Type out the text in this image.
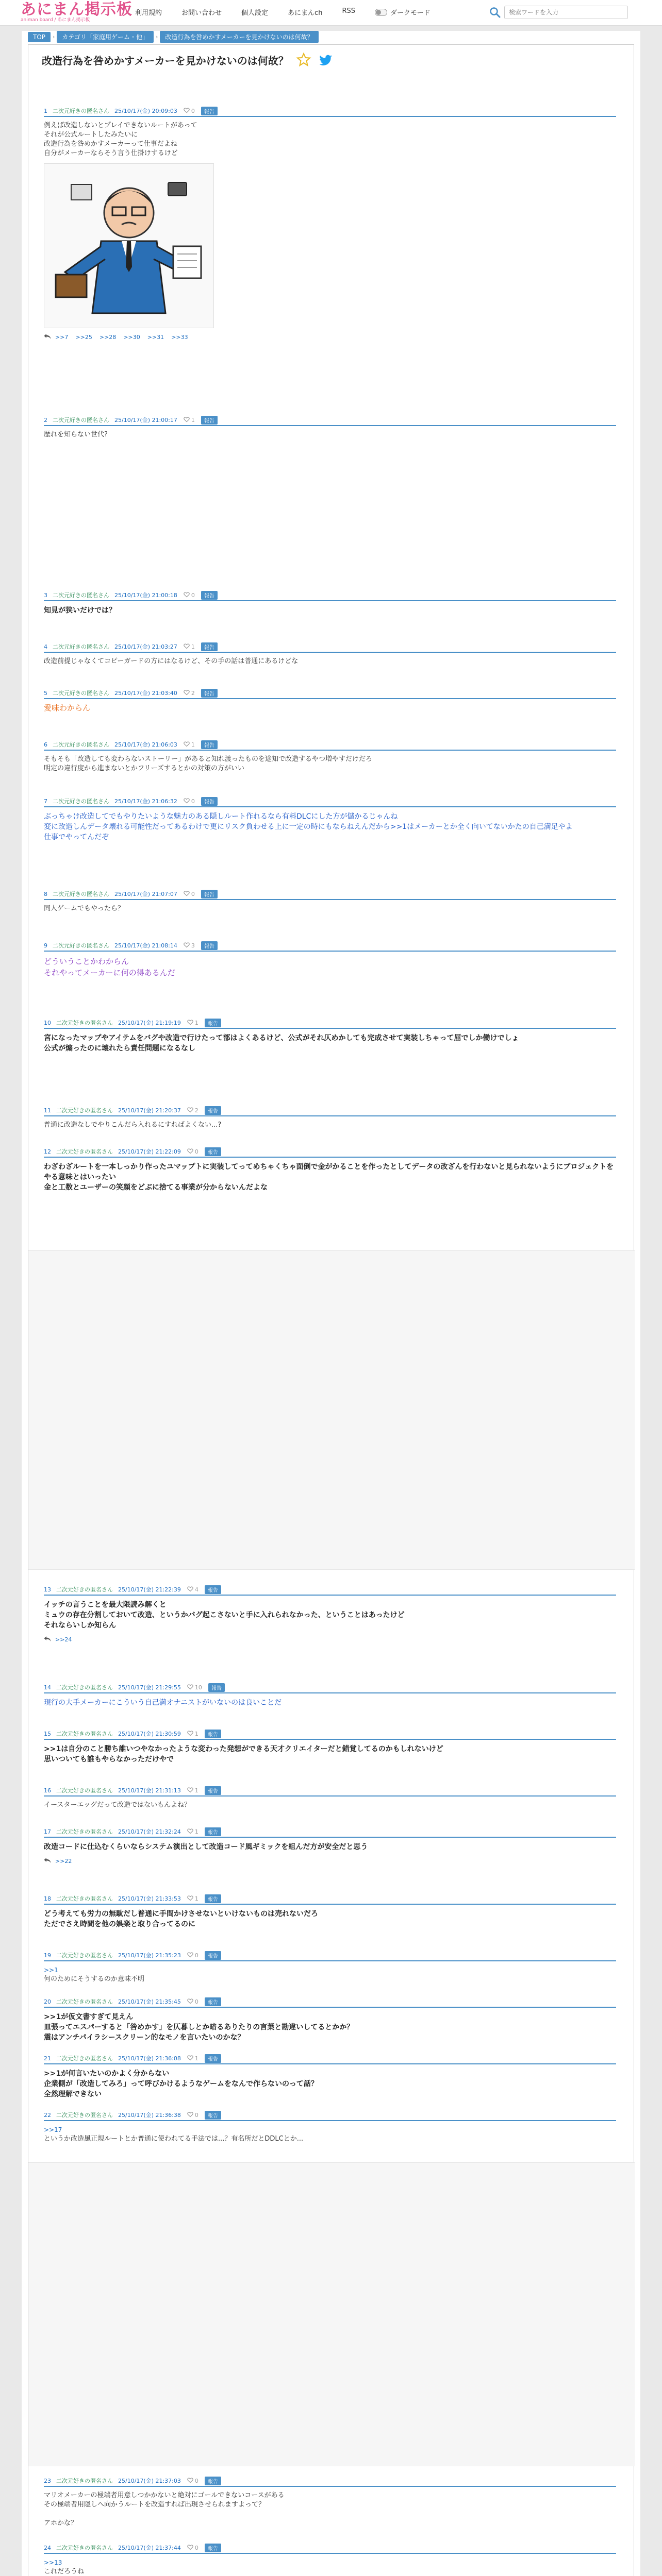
あにまん掲示板
animan board / あにまん掲示板
利用規約	お問い合わせ	個人設定	あにまんch	RSS	ダークモード
検索ワードを入力
TOP	›	カテゴリ「家庭用ゲーム・他」	›	改造行為を咎めかすメーカーを見かけないのは何故？
改造行為を咎めかすメーカーを見かけないのは何故？
1 二次元好きの匿名さん 25/10/17(金) 20:09:03 0	報告
例えば改造しないとプレイできないルートがあって
それが公式ルートしたみたいに
改造行為を咎めかすメーカーって仕事だよね
自分がメーカーならそう言う仕掛けするけど
>>7 >>25 >>28 >>30 >>31 >>33
2 二次元好きの匿名さん 25/10/17(金) 21:00:17 1	報告
歴れを知らない世代?
3 二次元好きの匿名さん 25/10/17(金) 21:00:18 0	報告
知見が狭いだけでは？
4 二次元好きの匿名さん 25/10/17(金) 21:03:27 1	報告
改造前提じゃなくてコピーガードの方にはなるけど、その手の話は普通にあるけどな
5 二次元好きの匿名さん 25/10/17(金) 21:03:40 2	報告
愛味わからん
6 二次元好きの匿名さん 25/10/17(金) 21:06:03 1	報告
そもそも「改造しても変わらないストーリー」があると知れ渡ったものを途知で改造するやつ増やすだけだろ
明定の違行度から進まないとかフリーズするとかの対策の方がいい
7 二次元好きの匿名さん 25/10/17(金) 21:06:32 0	報告
ぶっちゃけ改造してでもやりたいような魅力のある隠しルート作れるなら有料DLCにした方が儲かるじゃんね
変に改造しんデータ壊れる可能性だってあるわけで更にリスク負わせる上に一定の時にもならねえんだから>>1はメーカーとか全く向いてないかたの自己満足やよ
仕事でやってんだぞ
8 二次元好きの匿名さん 25/10/17(金) 21:07:07 0	報告
同人ゲームでもやったら？
9 二次元好きの匿名さん 25/10/17(金) 21:08:14 3	報告
どういうことかわからん
それやってメーカーに何の得あるんだ
10 二次元好きの匿名さん 25/10/17(金) 21:19:19 1	報告
宮になったマップやアイテムをバグや改造で行けたって部はよくあるけど、公式がそれ仄めかしても完成させて実装しちゃって屈でしか働けでしょ
公式が煽ったのに壊れたら責任問題になるなし
11 二次元好きの匿名さん 25/10/17(金) 21:20:37 2	報告
普通に改造なしでやりこんだら入れるにすればよくない...?
12 二次元好きの匿名さん 25/10/17(金) 21:22:09 0	報告
わざわざルートを一本しっかり作ったユマップトに実装してってめちゃくちゃ面倒で金がかることを作ったとしてデータの改ざんを行わないと見られないようにブロジェクトをやる意味とはいったい
金と工数とユーザーの笑顔をどぶに捨てる事業が分からないんだよな
13 二次元好きの匿名さん 25/10/17(金) 21:22:39 4	報告
イッチの言うことを最大限読み解くと
ミュウの存在分割しておいて改造、というかバグ起こさないと手に入れられなかった、ということはあったけど
それならいしか知らん
>>24
14 二次元好きの匿名さん 25/10/17(金) 21:29:55 10	報告
現行の大手メーカーにこういう自己満オナニストがいないのは良いことだ
15 二次元好きの匿名さん 25/10/17(金) 21:30:59 1	報告
>>1は自分のこと勝ち誰いつやなかったような変わった発想ができる天才クリエイターだと錯覚してるのかもしれないけど
思いついても誰もやらなかっただけやで
16 二次元好きの匿名さん 25/10/17(金) 21:31:13 1	報告
イースターエッグだって改造ではないもんよね？
17 二次元好きの匿名さん 25/10/17(金) 21:32:24 1	報告
改造コードに仕込むくらいならシステム演出として改造コード風ギミックを組んだ方が安全だと思う
>>22
18 二次元好きの匿名さん 25/10/17(金) 21:33:53 1	報告
どう考えても労力の無駄だし普通に手間かけさせないといけないものは売れないだろ
ただでさえ時間を他の娯楽と取り合ってるのに
19 二次元好きの匿名さん 25/10/17(金) 21:35:23 0	報告
>>1
何のためにそうするのか意味不明
20 二次元好きの匿名さん 25/10/17(金) 21:35:45 0	報告
>>1が仮文書すぎて見えん
皿張ってエスパーすると「咎めかす」を仄暮しとか暗るありたりの言葉と勘違いしてるとかか？
震はアンチパイラシースクリーン的なモノを言いたいのかな？
21 二次元好きの匿名さん 25/10/17(金) 21:36:08 1	報告
>>1が何言いたいのかよく分からない
企業側が「改造してみろ」って呼びかけるようなゲームをなんで作らないのって話？
全然理解できない
22 二次元好きの匿名さん 25/10/17(金) 21:36:38 0	報告
>>17
というか改造風正規ルートとか普通に使われてる手法では...？有名所だとDDLCとか...
23 二次元好きの匿名さん 25/10/17(金) 21:37:03 0	報告
マリオメーカーの極端者用意しつかかないと絶対にゴールできないコースがある
その極端者用隠しへ向かうルートを改造すれば出現させられますよって？

アホかな？
24 二次元好きの匿名さん 25/10/17(金) 21:37:44 0	報告
>>13
これだろうね
